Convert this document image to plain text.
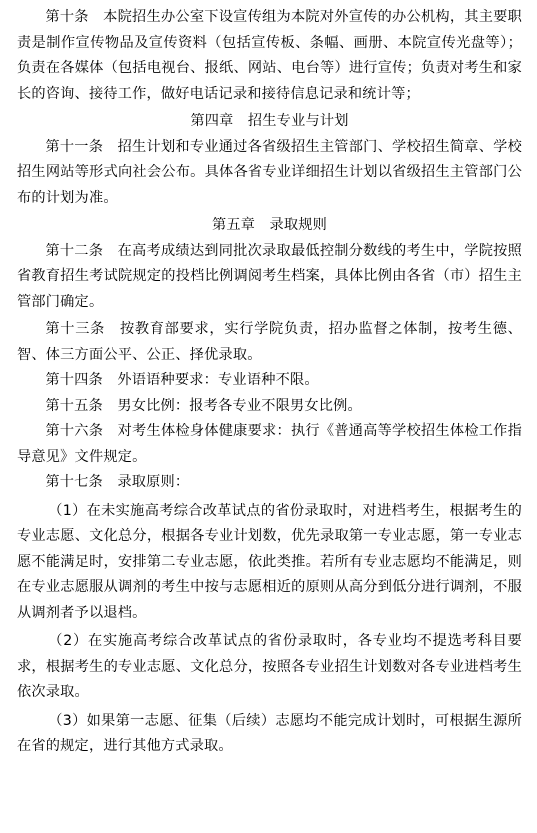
第十条　本院招生办公室下设宣传组为本院对外宣传的办公机构，其主要职责是制作宣传物品及宣传资料（包括宣传板、条幅、画册、本院宣传光盘等）；负责在各媒体（包括电视台、报纸、网站、电台等）进行宣传；负责对考生和家长的咨询、接待工作，做好电话记录和接待信息记录和统计等；

第四章　招生专业与计划

第十一条　招生计划和专业通过各省级招生主管部门、学校招生简章、学校招生网站等形式向社会公布。具体各省专业详细招生计划以省级招生主管部门公布的计划为准。

第五章　录取规则

第十二条　在高考成绩达到同批次录取最低控制分数线的考生中，学院按照省教育招生考试院规定的投档比例调阅考生档案，具体比例由各省（市）招生主管部门确定。

第十三条　按教育部要求，实行学院负责，招办监督之体制，按考生德、智、体三方面公平、公正、择优录取。

第十四条　外语语种要求：专业语种不限。

第十五条　男女比例：报考各专业不限男女比例。

第十六条　对考生体检身体健康要求：执行《普通高等学校招生体检工作指导意见》文件规定。

第十七条　录取原则：

（1）在未实施高考综合改革试点的省份录取时，对进档考生，根据考生的专业志愿、文化总分，根据各专业计划数，优先录取第一专业志愿，第一专业志愿不能满足时，安排第二专业志愿，依此类推。若所有专业志愿均不能满足，则在专业志愿服从调剂的考生中按与志愿相近的原则从高分到低分进行调剂，不服从调剂者予以退档。

（2）在实施高考综合改革试点的省份录取时，各专业均不提选考科目要求，根据考生的专业志愿、文化总分，按照各专业招生计划数对各专业进档考生依次录取。

（3）如果第一志愿、征集（后续）志愿均不能完成计划时，可根据生源所在省的规定，进行其他方式录取。
